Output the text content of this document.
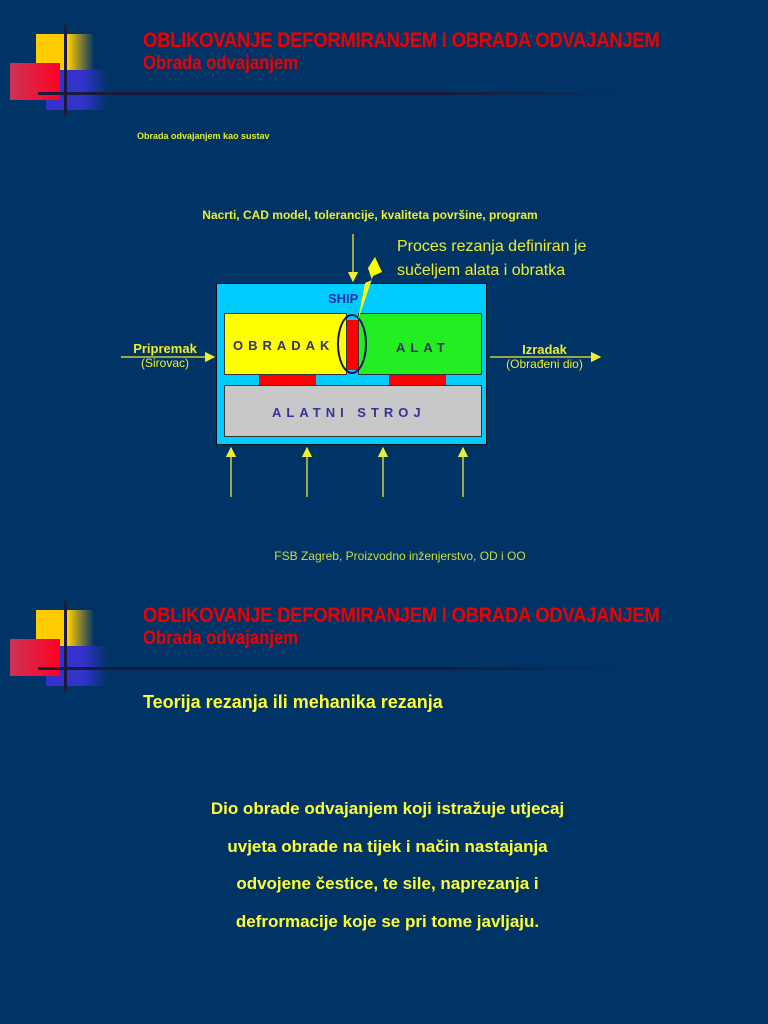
OBLIKOVANJE DEFORMIRANJEM I OBRADA ODVAJANJEM
Obrada odvajanjem
Obrada odvajanjem kao sustav
Nacrti, CAD model, tolerancije, kvaliteta površine, program
Proces rezanja definiran je
sučeljem alata i obratka
SHIP
OBRADAK	ALAT
ALATNI STROJ
Pripremak
(Sirovac)
Izradak
(Obrađeni dio)
FSB Zagreb, Proizvodno inženjerstvo, OD i OO
OBLIKOVANJE DEFORMIRANJEM I OBRADA ODVAJANJEM
Obrada odvajanjem
Teorija rezanja ili mehanika rezanja
Dio obrade odvajanjem koji istražuje utjecaj
uvjeta obrade na tijek i način nastajanja
odvojene čestice, te sile, naprezanja i
defrormacije koje se pri tome javljaju.
